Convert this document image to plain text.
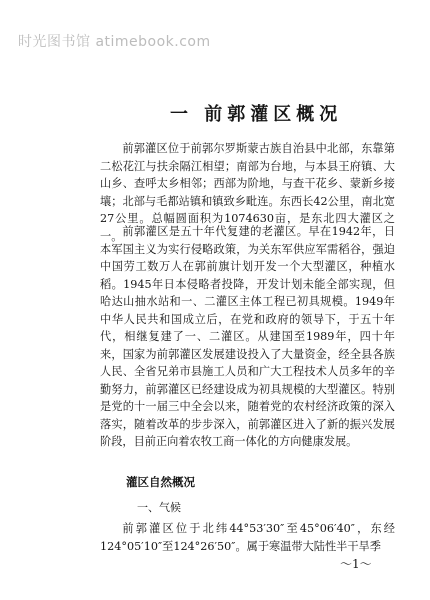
时光图书馆 atimebook.com
一 前郭灌区概况

前郭灌区位于前郭尔罗斯蒙古族自治县中北部，东靠第二松花江与扶余隔江相望；南部为台地，与本县王府镇、大山乡、查呼太乡相邻；西部为阶地，与查干花乡、蒙新乡接壤；北部与毛都站镇和镇致乡毗连。东西长42公里，南北宽27公里。总幅圆面积为1074630亩，是东北四大灌区之一。 前郭灌区是五十年代复建的老灌区。早在1942年，日本军国主义为实行侵略政策，为关东军供应军需稻谷，强迫中国劳工数万人在郭前旗计划开发一个大型灌区，种植水稻。1945年日本侵略者投降，开发计划未能全部实现，但哈达山抽水站和一、二灌区主体工程已初具规模。1949年中华人民共和国成立后，在党和政府的领导下，于五十年代，相继复建了一、二灌区。从建国至1989年，四十年来，国家为前郭灌区发展建设投入了大量资金，经全县各族人民、全省兄弟市县施工人员和广大工程技术人员多年的辛勤努力，前郭灌区已经建设成为初具规模的大型灌区。特别是党的十一届三中全会以来，随着党的农村经济政策的深入落实，随着改革的步步深入，前郭灌区进入了新的振兴发展阶段，目前正向着农牧工商一体化的方向健康发展。

灌区自然概况
一、气候

前郭灌区位于北纬44°53′30″至45°06′40″，东经124°05′10″至124°26′50″。属于寒温带大陆性半干旱季

～1～
